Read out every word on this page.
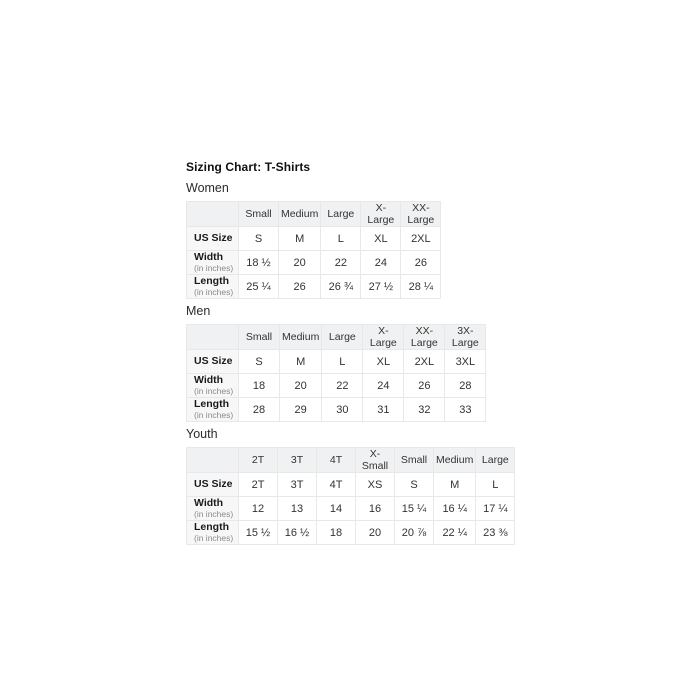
Sizing Chart: T-Shirts
Women
	Small	Medium	Large	X-Large	XX- Large

US Size	S	M	L	XL	2XL

Width
(in inches)	18 ½	20	22	24	26

Length
(in inches)	25 ¼	26	26 ¾	27 ½	28 ¼
Men
	Small	Medium	Large	X-Large	XX- Large	3X-Large

US Size	S	M	L	XL	2XL	3XL

Width
(in inches)	18	20	22	24	26	28

Length
(in inches)	28	29	30	31	32	33
Youth
	2T	3T	4T	X-Small	Small	Medium	Large

US Size	2T	3T	4T	XS	S	M	L

Width
(in inches)	12	13	14	16	15 ¼	16 ¼	17 ¼

Length
(in inches)	15 ½	16 ½	18	20	20 ⅞	22 ¼	23 ⅜
